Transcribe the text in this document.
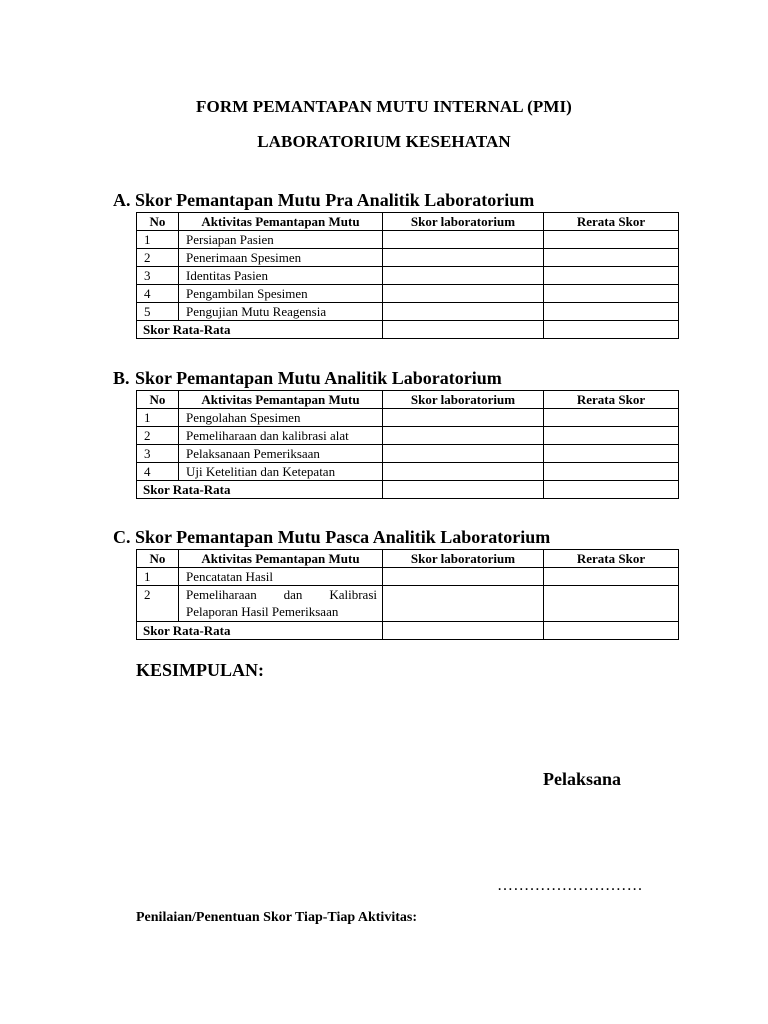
FORM PEMANTAPAN MUTU INTERNAL (PMI)
LABORATORIUM KESEHATAN
A. Skor Pemantapan Mutu Pra Analitik Laboratorium
No	Aktivitas Pemantapan Mutu	Skor laboratorium	Rerata Skor
1	Persiapan Pasien		
2	Penerimaan Spesimen		
3	Identitas Pasien		
4	Pengambilan Spesimen		
5	Pengujian Mutu Reagensia		
Skor Rata-Rata			
B. Skor Pemantapan Mutu Analitik Laboratorium
No	Aktivitas Pemantapan Mutu	Skor laboratorium	Rerata Skor
1	Pengolahan Spesimen		
2	Pemeliharaan dan kalibrasi alat		
3	Pelaksanaan Pemeriksaan		
4	Uji Ketelitian dan Ketepatan		
Skor Rata-Rata			
C. Skor Pemantapan Mutu Pasca Analitik Laboratorium
No	Aktivitas Pemantapan Mutu	Skor laboratorium	Rerata Skor
1	Pencatatan Hasil		
2	Pemeliharaan dan Kalibrasi
Pelaporan Hasil Pemeriksaan		

Skor Rata-Rata			
KESIMPULAN:
Pelaksana
………………………
Penilaian/Penentuan Skor Tiap-Tiap Aktivitas:
